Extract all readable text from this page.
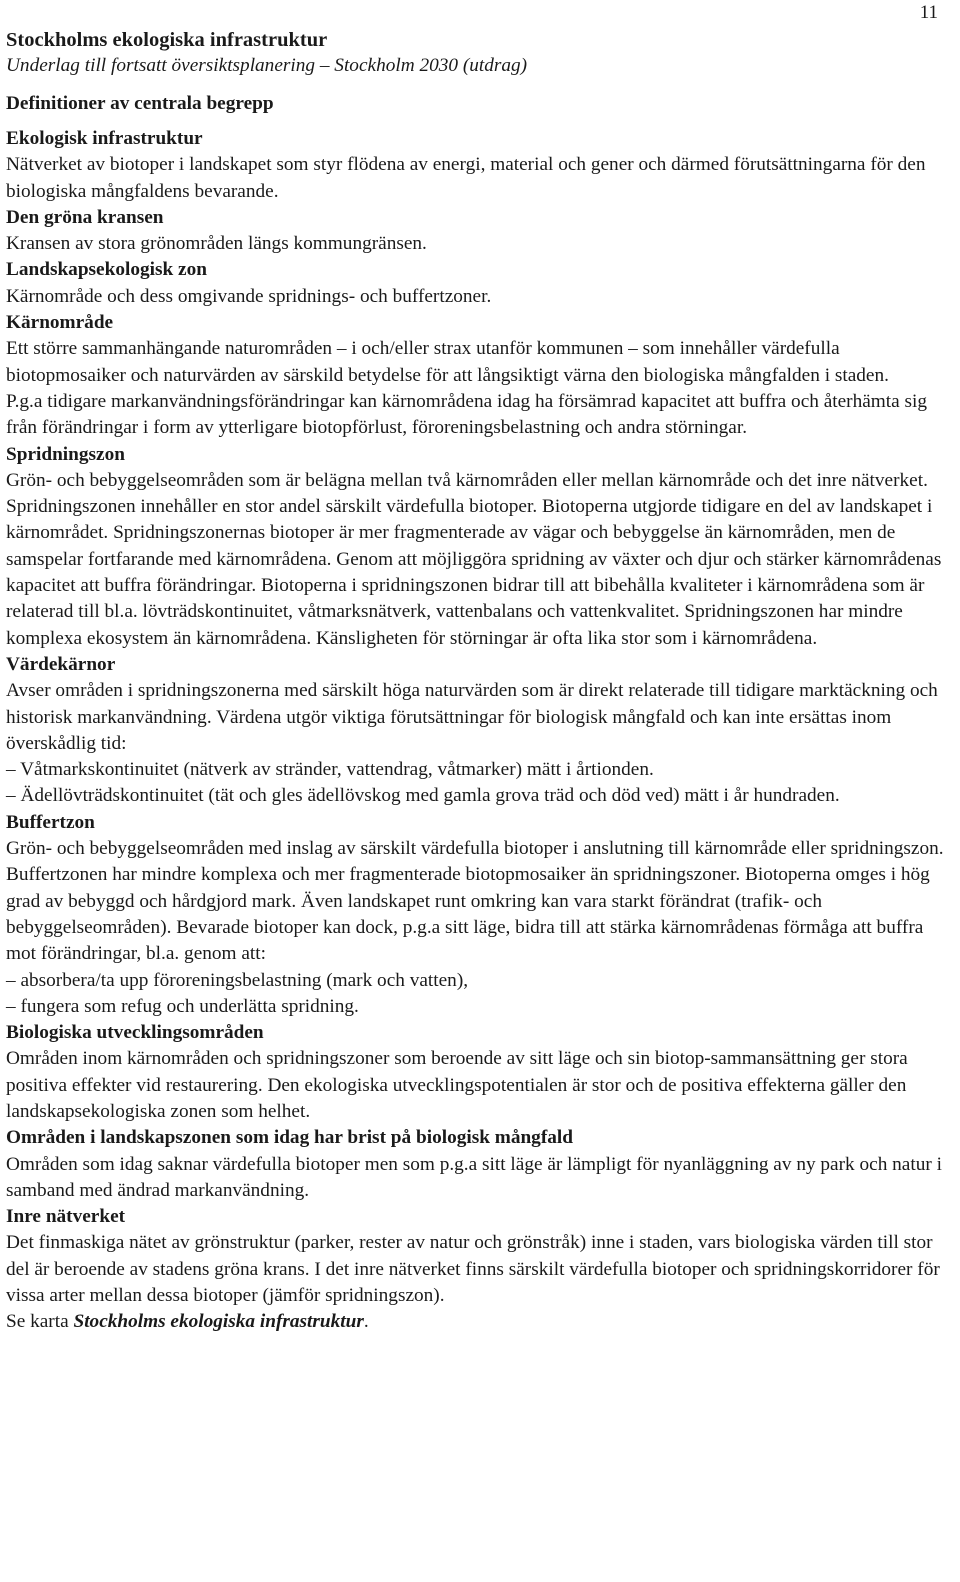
11
Stockholms ekologiska infrastruktur
Underlag till fortsatt översiktsplanering – Stockholm 2030 (utdrag)
Definitioner av centrala begrepp
Ekologisk infrastruktur

Nätverket av biotoper i landskapet som styr flödena av energi, material och gener och därmed förutsättningarna för den biologiska mångfaldens bevarande.

Den gröna kransen

Kransen av stora grönområden längs kommungränsen.

Landskapsekologisk zon

Kärnområde och dess omgivande spridnings- och buffertzoner.

Kärnområde

Ett större sammanhängande naturområden – i och/eller strax utanför kommunen – som innehåller värdefulla biotopmosaiker och naturvärden av särskild betydelse för att långsiktigt värna den biologiska mångfalden i staden.

P.g.a tidigare markanvändningsförändringar kan kärnområdena idag ha försämrad kapacitet att buffra och återhämta sig från förändringar i form av ytterligare biotopförlust, föroreningsbelastning och andra störningar.

Spridningszon

Grön- och bebyggelseområden som är belägna mellan två kärnområden eller mellan kärnområde och det inre nätverket.

Spridningszonen innehåller en stor andel särskilt värdefulla biotoper. Biotoperna utgjorde tidigare en del av landskapet i kärnområdet. Spridningszonernas biotoper är mer fragmenterade av vägar och bebyggelse än kärnområden, men de samspelar fortfarande med kärnområdena. Genom att möjliggöra spridning av växter och djur och stärker kärnområdenas kapacitet att buffra förändringar. Biotoperna i spridningszonen bidrar till att bibehålla kvaliteter i kärnområdena som är relaterad till bl.a. lövträdskontinuitet, våtmarksnätverk, vattenbalans och vattenkvalitet. Spridningszonen har mindre komplexa ekosystem än kärnområdena. Känsligheten för störningar är ofta lika stor som i kärnområdena.

Värdekärnor

Avser områden i spridningszonerna med särskilt höga naturvärden som är direkt relaterade till tidigare marktäckning och historisk markanvändning. Värdena utgör viktiga förutsättningar för biologisk mångfald och kan inte ersättas inom överskådlig tid:

– Våtmarkskontinuitet (nätverk av stränder, vattendrag, våtmarker) mätt i årtionden.

– Ädellövträdskontinuitet (tät och gles ädellövskog med gamla grova träd och död ved) mätt i år hundraden.

Buffertzon

Grön- och bebyggelseområden med inslag av särskilt värdefulla biotoper i anslutning till kärnområde eller spridningszon.

Buffertzonen har mindre komplexa och mer fragmenterade biotopmosaiker än spridningszoner. Biotoperna omges i hög grad av bebyggd och hårdgjord mark. Även landskapet runt omkring kan vara starkt förändrat (trafik- och bebyggelseområden). Bevarade biotoper kan dock, p.g.a sitt läge, bidra till att stärka kärnområdenas förmåga att buffra mot förändringar, bl.a. genom att:

– absorbera/ta upp föroreningsbelastning (mark och vatten),

– fungera som refug och underlätta spridning.

Biologiska utvecklingsområden

Områden inom kärnområden och spridningszoner som beroende av sitt läge och sin biotop-sammansättning ger stora positiva effekter vid restaurering. Den ekologiska utvecklingspotentialen är stor och de positiva effekterna gäller den landskapsekologiska zonen som helhet.

Områden i landskapszonen som idag har brist på biologisk mångfald

Områden som idag saknar värdefulla biotoper men som p.g.a sitt läge är lämpligt för nyanläggning av ny park och natur i samband med ändrad markanvändning.

Inre nätverket

Det finmaskiga nätet av grönstruktur (parker, rester av natur och grönstråk) inne i staden, vars biologiska värden till stor del är beroende av stadens gröna krans. I det inre nätverket finns särskilt värdefulla biotoper och spridningskorridorer för vissa arter mellan dessa biotoper (jämför spridningszon).

Se karta Stockholms ekologiska infrastruktur.
